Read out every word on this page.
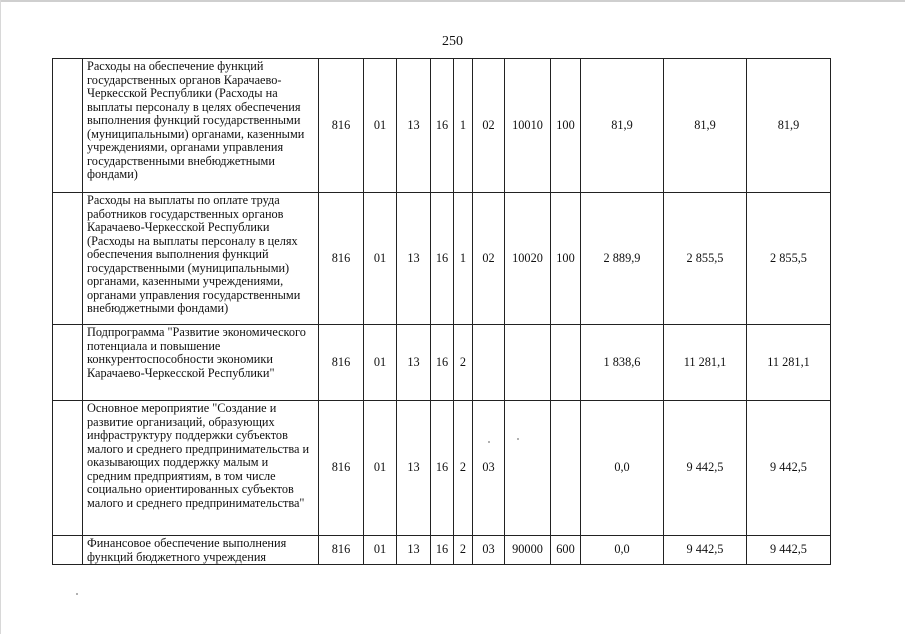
250
	Расходы на обеспечение функций государственных органов Карачаево-Черкесской Республики (Расходы на выплаты персоналу в целях обеспечения выполнения функций государственными (муниципальными) органами, казенными учреждениями, органами управления государственными внебюджетными фондами)	816	01	13	16	1	02	10010	100	81,9	81,9	81,9
	Расходы на выплаты по оплате труда работников государственных органов Карачаево-Черкесской Республики (Расходы на выплаты персоналу в целях обеспечения выполнения функций государственными (муниципальными) органами, казенными учреждениями, органами управления государственными внебюджетными фондами)	816	01	13	16	1	02	10020	100	2 889,9	2 855,5	2 855,5
	Подпрограмма "Развитие экономического потенциала и повышение конкурентоспособности экономики Карачаево-Черкесской Республики"	816	01	13	16	2				1 838,6	11 281,1	11 281,1
	Основное мероприятие "Создание и развитие организаций, образующих инфраструктуру поддержки субъектов малого и среднего предпринимательства и оказывающих поддержку малым и средним предприятиям, в том числе социально ориентированных субъектов малого и среднего предпринимательства"	816	01	13	16	2	03			0,0	9 442,5	9 442,5
	Финансовое обеспечение выполнения функций бюджетного учреждения	816	01	13	16	2	03	90000	600	0,0	9 442,5	9 442,5
